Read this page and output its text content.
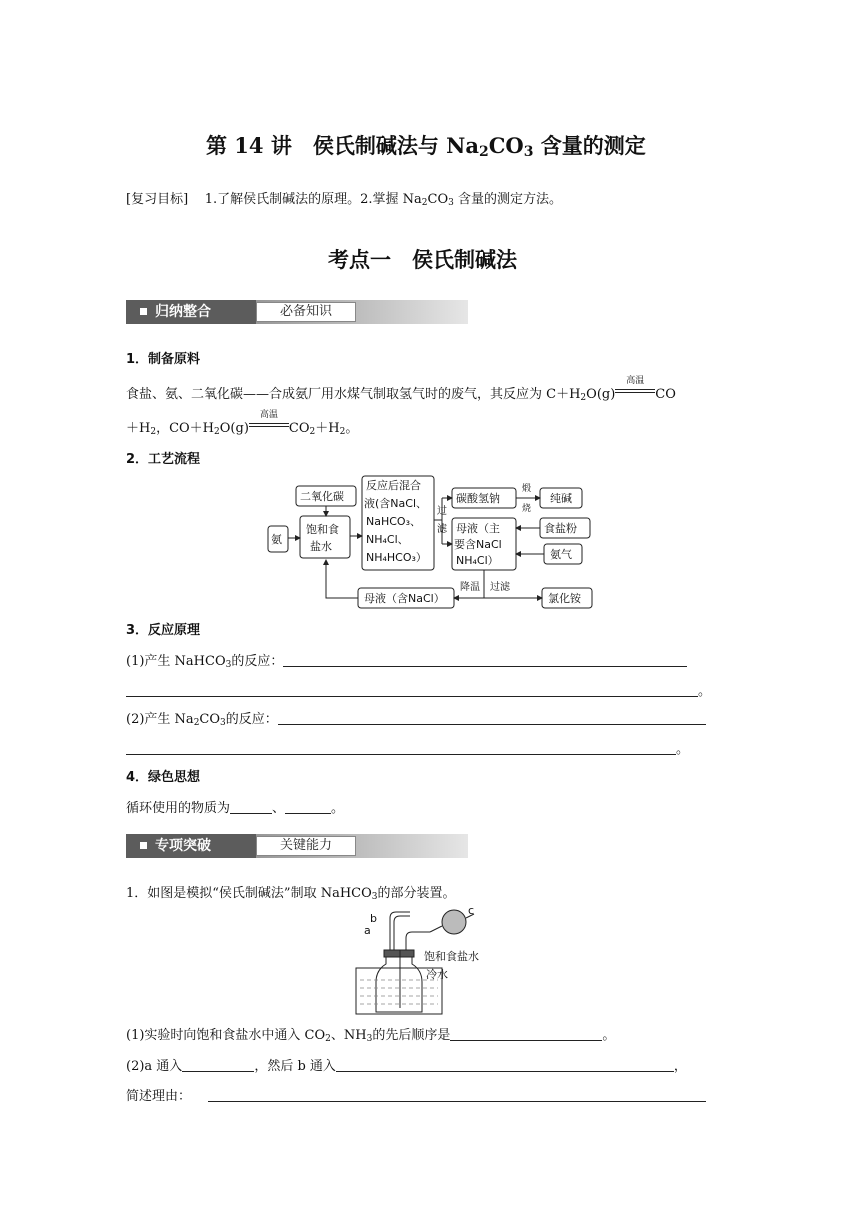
第 14 讲　侯氏制碱法与 $Na_2CO_3$ 含量的测定
[复习目标] 1.了解侯氏制碱法的原理。2.掌握 $Na_2CO_3$ 含量的测定方法。
考点一　侯氏制碱法
归纳整合	必备知识
1．制备原料
食盐、氨、二氧化碳——合成氨厂用水煤气制取氢气时的废气，其反应为 $C+H_2O(g)$
高温
CO
$+H_2$，$CO+H_2O(g)$
高温
$CO_2+H_2$。
2．工艺流程
二氧化碳
氨
饱和食
盐水
反应后混合
液(含NaCl、
NaHCO₃、
NH₄Cl、
NH₄HCO₃）
过
滤
碳酸氢钠
煅
烧
纯碱
母液（主
要含NaCl
NH₄Cl）
食盐粉
氨气
降温 过滤
氯化铵
母液（含NaCl）
3．反应原理
(1)产生 NaHCO$_3$的反应：
。
(2)产生 $Na_2CO_3$的反应：
。
4．绿色思想
循环使用的物质为	、	。
专项突破	关键能力
1．如图是模拟“侯氏制碱法”制取 NaHCO$_3$的部分装置。
b
a
c
饱和食盐水
冷水
(1)实验时向饱和食盐水中通入 $CO_2$、$NH_3$的先后顺序是	。
(2)a 通入	，然后 b 通入	，
简述理由：
